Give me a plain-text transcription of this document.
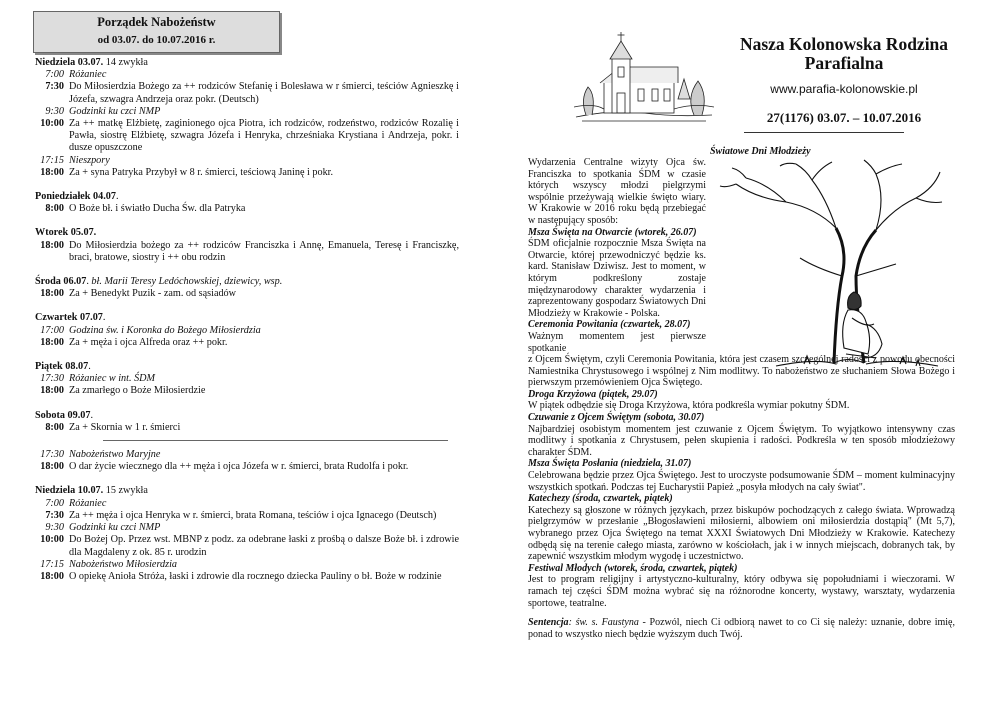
Porządek Nabożeństw
od 03.07. do 10.07.2016 r.
Niedziela 03.07. 14 zwykła
7:00 Różaniec
7:30 Do Miłosierdzia Bożego za ++ rodziców Stefanię i Bolesława w r śmierci, teściów Agnieszkę i Józefa, szwagra Andrzeja oraz pokr. (Deutsch)
9:30 Godzinki ku czci NMP
10:00 Za ++ matkę Elżbietę, zaginionego ojca Piotra, ich rodziców, rodzeństwo, rodziców Rozalię i Pawła, siostrę Elżbietę, szwagra Józefa i Henryka, chrześniaka Krystiana i Andrzeja, pokr. i dusze opuszczone
17:15 Nieszpory
18:00 Za + syna Patryka Przybył w 8 r. śmierci, teściową Janinę i pokr.
Poniedziałek 04.07.
8:00 O Boże bł. i światło Ducha Św. dla Patryka
Wtorek 05.07.
18:00 Do Miłosierdzia bożego za ++ rodziców Franciszka i Annę, Emanuela, Teresę i Franciszkę, braci, bratowe, siostry i ++ obu rodzin
Środa 06.07. bł. Marii Teresy Ledóchowskiej, dziewicy, wsp.
18:00 Za + Benedykt Puzik - zam. od sąsiadów
Czwartek 07.07.
17:00 Godzina św. i Koronka do Bożego Miłosierdzia
18:00 Za + męża i ojca Alfreda oraz ++ pokr.
Piątek 08.07.
17:30 Różaniec w int. ŚDM
18:00 Za zmarłego o Boże Miłosierdzie
Sobota 09.07.
8:00 Za + Skornia w 1 r. śmierci
17:30 Nabożeństwo Maryjne
18:00 O dar życie wiecznego dla ++ męża i ojca Józefa w r. śmierci, brata Rudolfa i pokr.
Niedziela 10.07. 15 zwykła
7:00 Różaniec
7:30 Za ++ męża i ojca Henryka w r. śmierci, brata Romana, teściów i ojca Ignacego (Deutsch)
9:30 Godzinki ku czci NMP
10:00 Do Bożej Op. Przez wst. MBNP z podz. za odebrane łaski z prośbą o dalsze Boże bł. i zdrowie dla Magdaleny z ok. 85 r. urodzin
17:15 Nabożeństwo Miłosierdzia
18:00 O opiekę Anioła Stróża, łaski i zdrowie dla rocznego dziecka Pauliny o bł. Boże w rodzinie
Nasza Kolonowska Rodzina Parafialna
www.parafia-kolonowskie.pl
27(1176) 03.07. – 10.07.2016
Światowe Dni Młodzieży

Wydarzenia Centralne wizyty Ojca św. Franciszka to spotkania ŚDM w czasie których wszyscy młodzi pielgrzymi wspólnie przeżywają wielkie święto wiary. W Krakowie w 2016 roku będą przebiegać w następujący sposób:

Msza Święta na Otwarcie (wtorek, 26.07)

ŚDM oficjalnie rozpocznie Msza Święta na Otwarcie, której przewodniczyć będzie ks. kard. Stanisław Dziwisz. Jest to moment, w którym podkreślony zostaje międzynarodowy charakter wydarzenia i zaprezentowany gospodarz Światowych Dni Młodzieży w Krakowie - Polska.

Ceremonia Powitania (czwartek, 28.07)

Ważnym momentem jest pierwsze spotkanie

z Ojcem Świętym, czyli Ceremonia Powitania, która jest czasem szczególnej radości z powodu obecności Namiestnika Chrystusowego i wspólnej z Nim modlitwy. To nabożeństwo ze słuchaniem Słowa Bożego i pierwszym przemówieniem Ojca Świętego.

Droga Krzyżowa (piątek, 29.07)

W piątek odbędzie się Droga Krzyżowa, która podkreśla wymiar pokutny ŚDM.

Czuwanie z Ojcem Świętym (sobota, 30.07)

Najbardziej osobistym momentem jest czuwanie z Ojcem Świętym. To wyjątkowo intensywny czas modlitwy i spotkania z Chrystusem, pełen skupienia i radości. Podkreśla w ten sposób młodzieżowy charakter ŚDM.

Msza Święta Posłania (niedziela, 31.07)

Celebrowana będzie przez Ojca Świętego. Jest to uroczyste podsumowanie ŚDM – moment kulminacyjny wszystkich spotkań. Podczas tej Eucharystii Papież „posyła młodych na cały świat".

Katechezy (środa, czwartek, piątek)

Katechezy są głoszone w różnych językach, przez biskupów pochodzących z całego świata. Wprowadzą pielgrzymów w przesłanie „Błogosławieni miłosierni, albowiem oni miłosierdzia dostąpią" (Mt 5,7), wybranego przez Ojca Świętego na temat XXXI Światowych Dni Młodzieży w Krakowie. Katechezy odbędą się na terenie całego miasta, zarówno w kościołach, jak i w innych miejscach, dobranych tak, by zapewnić wszystkim młodym wygodę i uczestnictwo.

Festiwal Młodych (wtorek, środa, czwartek, piątek)

Jest to program religijny i artystyczno-kulturalny, który odbywa się popołudniami i wieczorami. W ramach tej części ŚDM można wybrać się na różnorodne koncerty, wystawy, warsztaty, wydarzenia sportowe, teatralne.

Sentencja: św. s. Faustyna - Pozwól, niech Ci odbiorą nawet to co Ci się należy: uznanie, dobre imię, ponad to wszystko niech będzie wyższym duch Twój.
